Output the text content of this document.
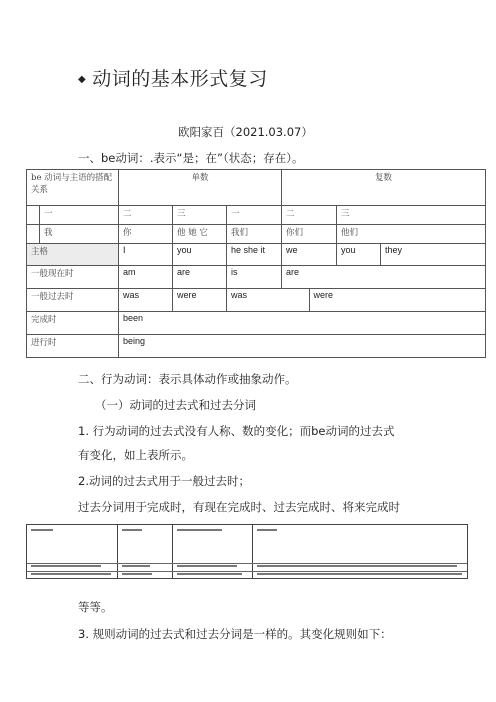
◆ 动词的基本形式复习
欧阳家百（2021.03.07）
一、be动词：.表示“是；在”（状态；存在）。
be 动词与主语的搭配关系		单数			复数			
	一	二	三	一	二		三	
	我	你	他 她 它	我们	你们		他们	
主格		I	you	he she it	we		you	they
一般现在时		am	are	is	are			
一般过去时		was	were	was		were		
完成时		been						
进行时		being						
二、行为动词：表示具体动作或抽象动作。
（一）动词的过去式和过去分词
1. 行为动词的过去式没有人称、数的变化；而be动词的过去式
有变化，如上表所示。
2.动词的过去式用于一般过去时；
过去分词用于完成时，有现在完成时、过去完成时、将来完成时
等等。
3. 规则动词的过去式和过去分词是一样的。其变化规则如下：
